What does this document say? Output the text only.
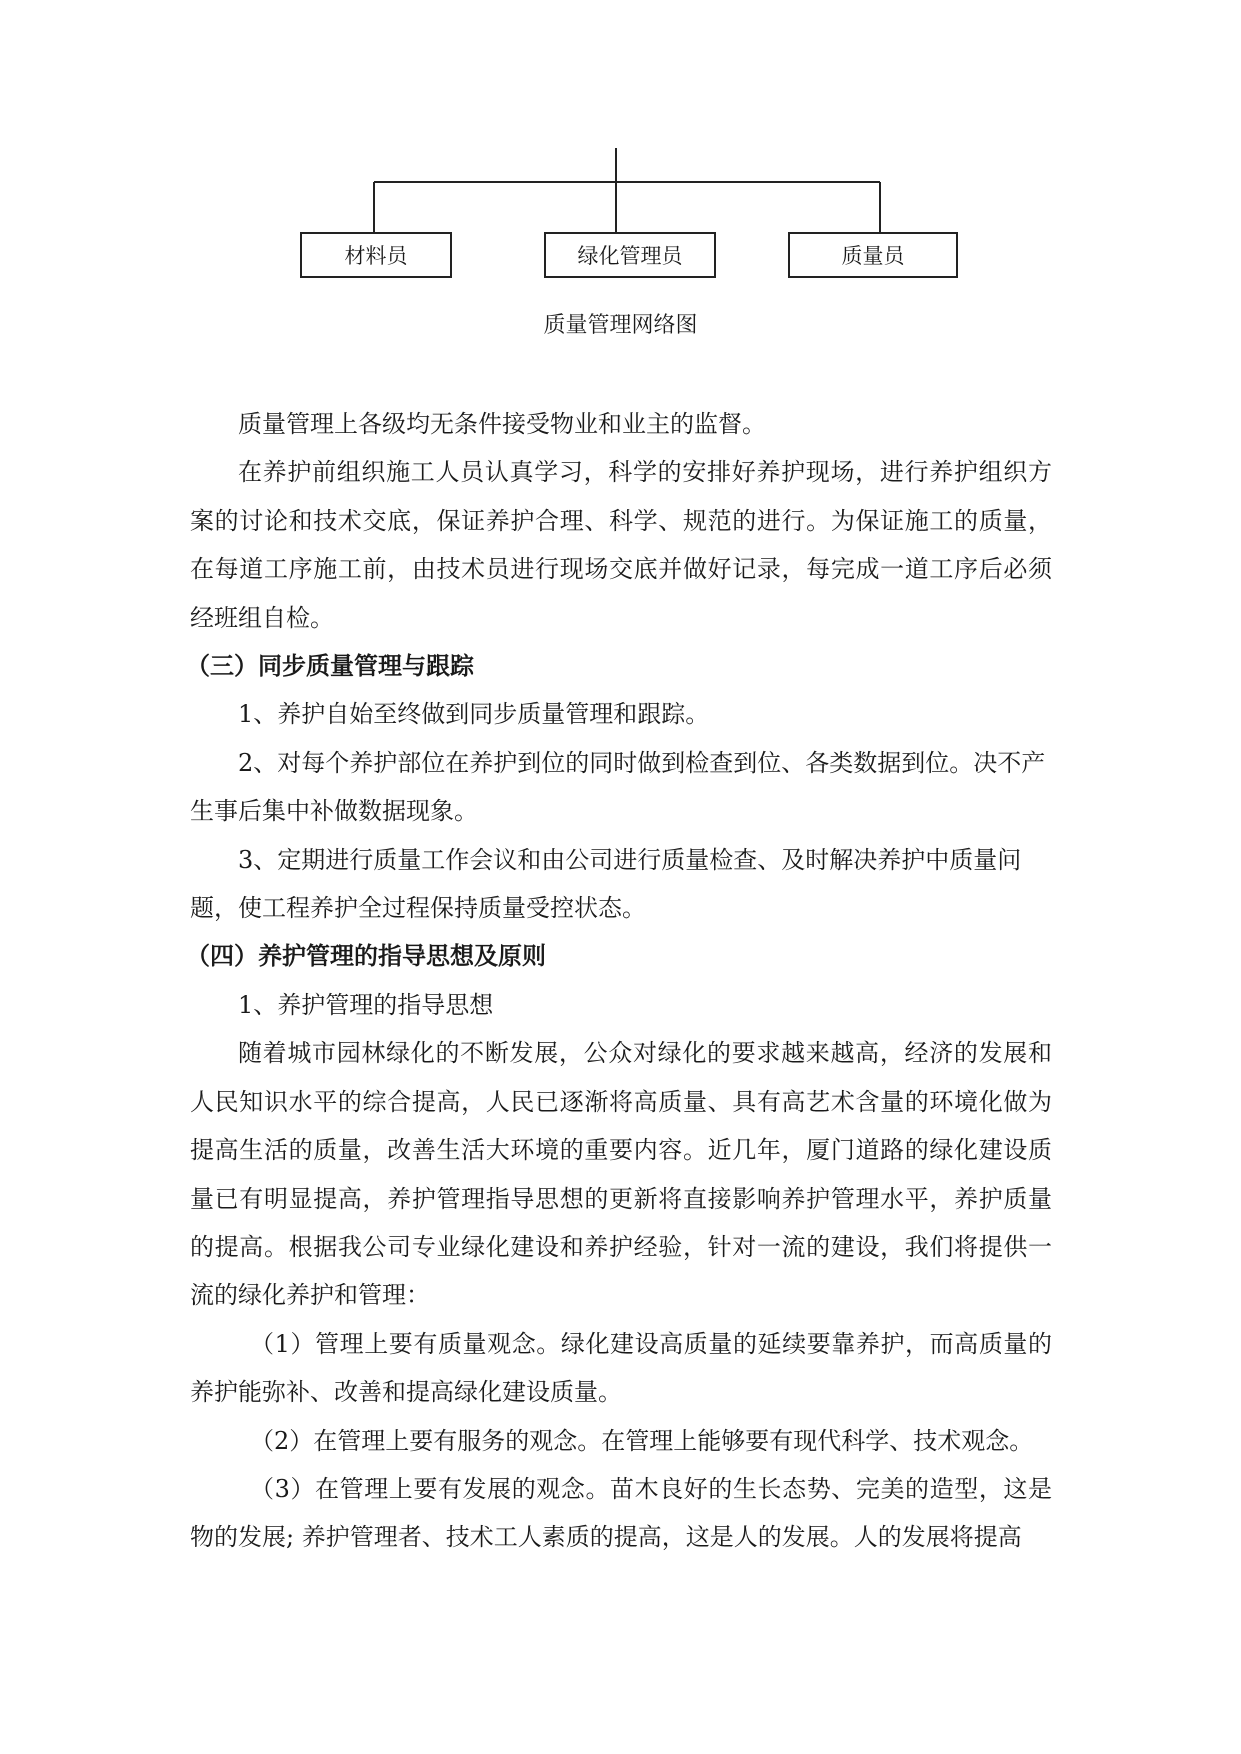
材料员	绿化管理员	质量员
质量管理网络图

质量管理上各级均无条件接受物业和业主的监督。

在养护前组织施工人员认真学习，科学的安排好养护现场，进行养护组织方案的讨论和技术交底，保证养护合理、科学、规范的进行。为保证施工的质量，在每道工序施工前，由技术员进行现场交底并做好记录，每完成一道工序后必须经班组自检。

（三）同步质量管理与跟踪

1、养护自始至终做到同步质量管理和跟踪。

2、对每个养护部位在养护到位的同时做到检查到位、各类数据到位。决不产生事后集中补做数据现象。

3、定期进行质量工作会议和由公司进行质量检查、及时解决养护中质量问题，使工程养护全过程保持质量受控状态。

（四）养护管理的指导思想及原则

1、养护管理的指导思想

随着城市园林绿化的不断发展，公众对绿化的要求越来越高，经济的发展和人民知识水平的综合提高，人民已逐渐将高质量、具有高艺术含量的环境化做为提高生活的质量，改善生活大环境的重要内容。近几年，厦门道路的绿化建设质量已有明显提高，养护管理指导思想的更新将直接影响养护管理水平，养护质量的提高。根据我公司专业绿化建设和养护经验，针对一流的建设，我们将提供一流的绿化养护和管理：

（1）管理上要有质量观念。绿化建设高质量的延续要靠养护，而高质量的养护能弥补、改善和提高绿化建设质量。

（2）在管理上要有服务的观念。在管理上能够要有现代科学、技术观念。

（3）在管理上要有发展的观念。苗木良好的生长态势、完美的造型，这是物的发展; 养护管理者、技术工人素质的提高，这是人的发展。人的发展将提高
